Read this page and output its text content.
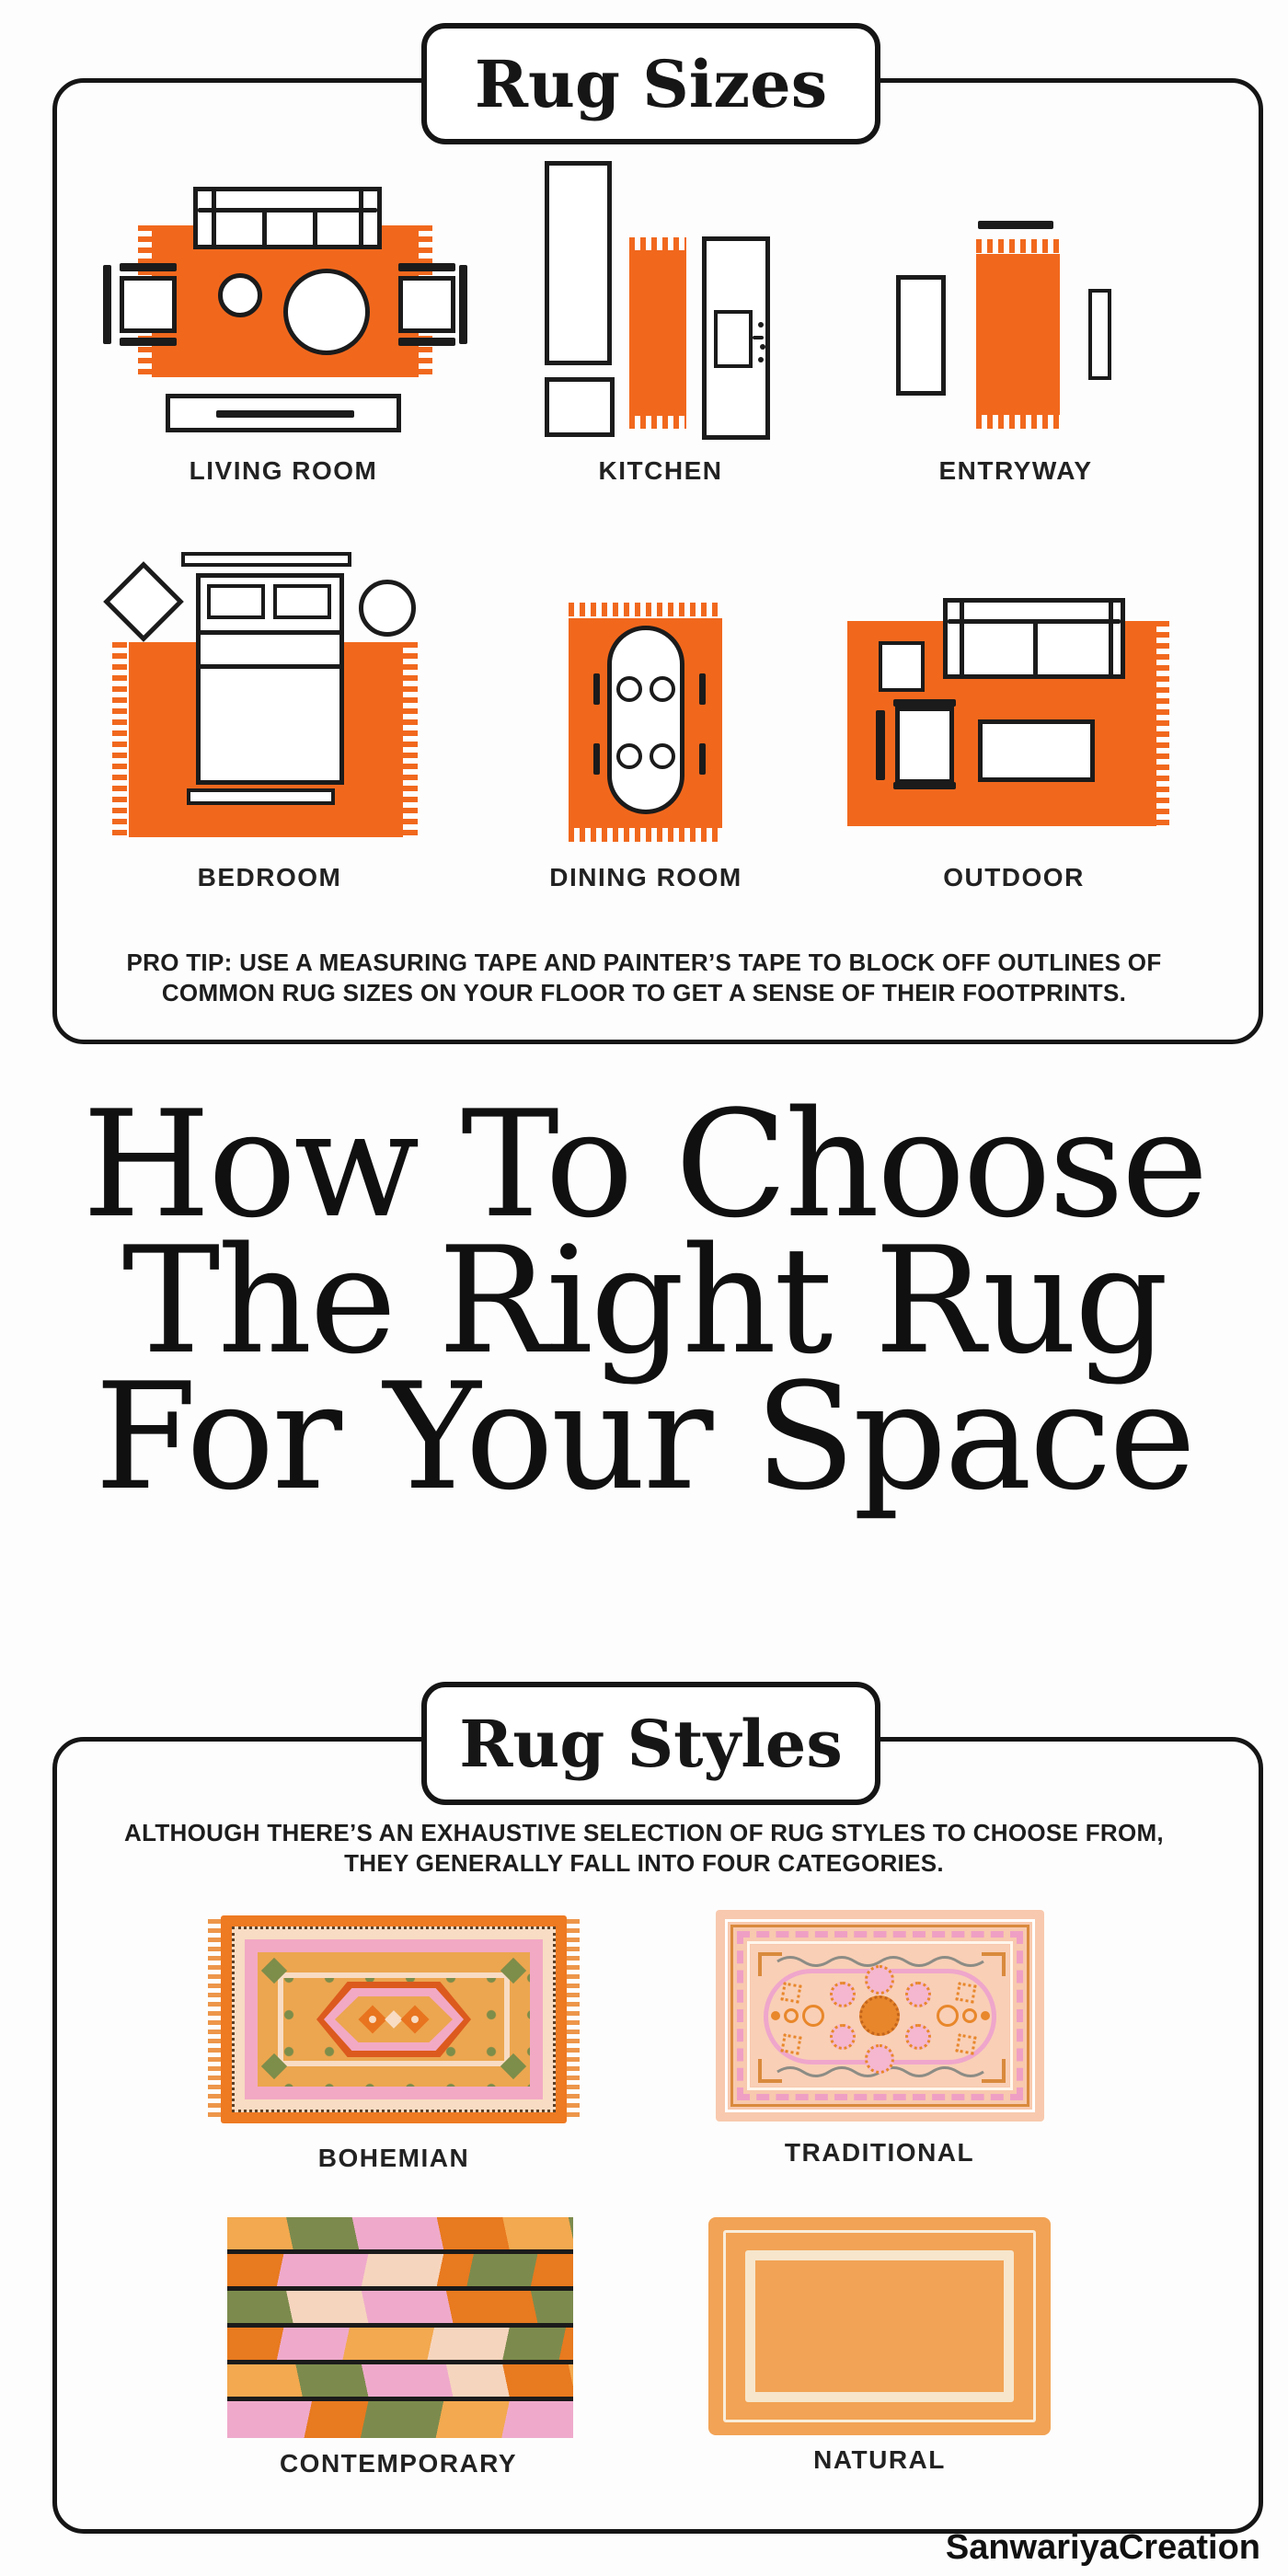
Rug Sizes
LIVING ROOM	KITCHEN	ENTRYWAY
BEDROOM	DINING ROOM	OUTDOOR
PRO TIP: USE A MEASURING TAPE AND PAINTER’S TAPE TO BLOCK OFF OUTLINES OF
COMMON RUG SIZES ON YOUR FLOOR TO GET A SENSE OF THEIR FOOTPRINTS.
How To Choose
The Right Rug
For Your Space
Rug Styles
ALTHOUGH THERE’S AN EXHAUSTIVE SELECTION OF RUG STYLES TO CHOOSE FROM,
THEY GENERALLY FALL INTO FOUR CATEGORIES.
BOHEMIAN	TRADITIONAL
CONTEMPORARY	NATURAL
SanwariyaCreation
